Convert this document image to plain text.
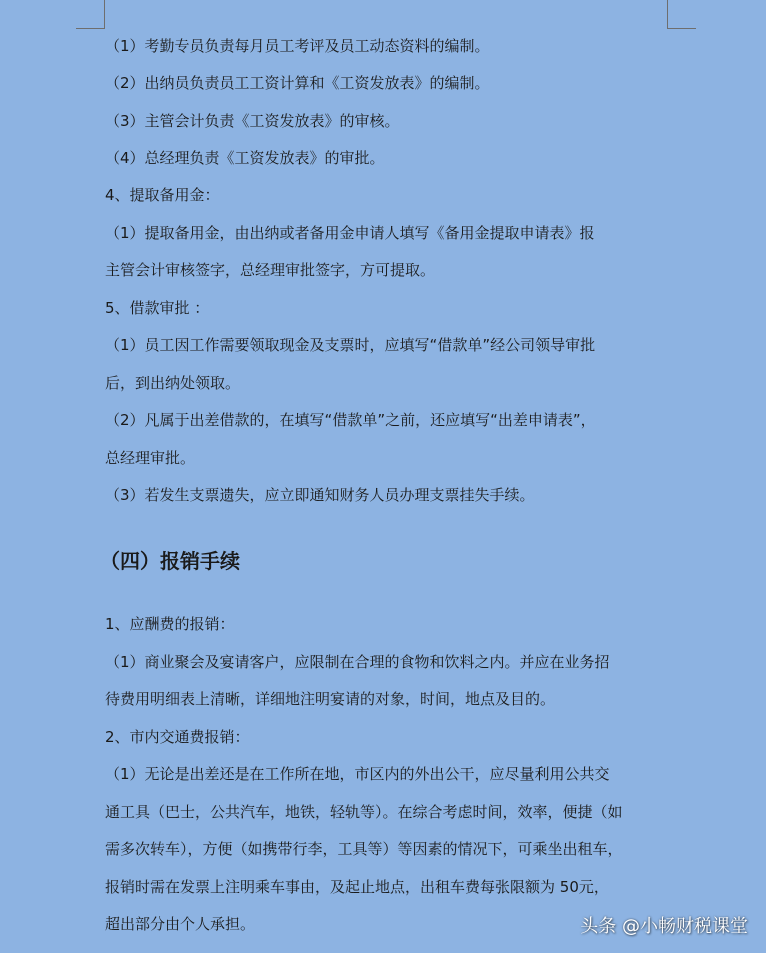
（1）考勤专员负责每月员工考评及员工动态资料的编制。
（2）出纳员负责员工工资计算和《工资发放表》的编制。
（3）主管会计负责《工资发放表》的审核。
（4）总经理负责《工资发放表》的审批。
4、提取备用金：
（1）提取备用金，由出纳或者备用金申请人填写《备用金提取申请表》报
主管会计审核签字，总经理审批签字，方可提取。
5、借款审批 ：
（1）员工因工作需要领取现金及支票时，应填写“借款单”经公司领导审批
后，到出纳处领取。
（2）凡属于出差借款的，在填写“借款单”之前，还应填写“出差申请表”，
总经理审批。
（3）若发生支票遗失，应立即通知财务人员办理支票挂失手续。
（四）报销手续
1、应酬费的报销：
（1）商业聚会及宴请客户，应限制在合理的食物和饮料之内。并应在业务招
待费用明细表上清晰，详细地注明宴请的对象，时间，地点及目的。
2、市内交通费报销：
（1）无论是出差还是在工作所在地，市区内的外出公干，应尽量利用公共交
通工具（巴士，公共汽车，地铁，轻轨等）。在综合考虑时间，效率，便捷（如
需多次转车），方便（如携带行李，工具等）等因素的情况下，可乘坐出租车，
报销时需在发票上注明乘车事由，及起止地点，出租车费每张限额为 50元，
超出部分由个人承担。	头条 @小畅财税课堂
